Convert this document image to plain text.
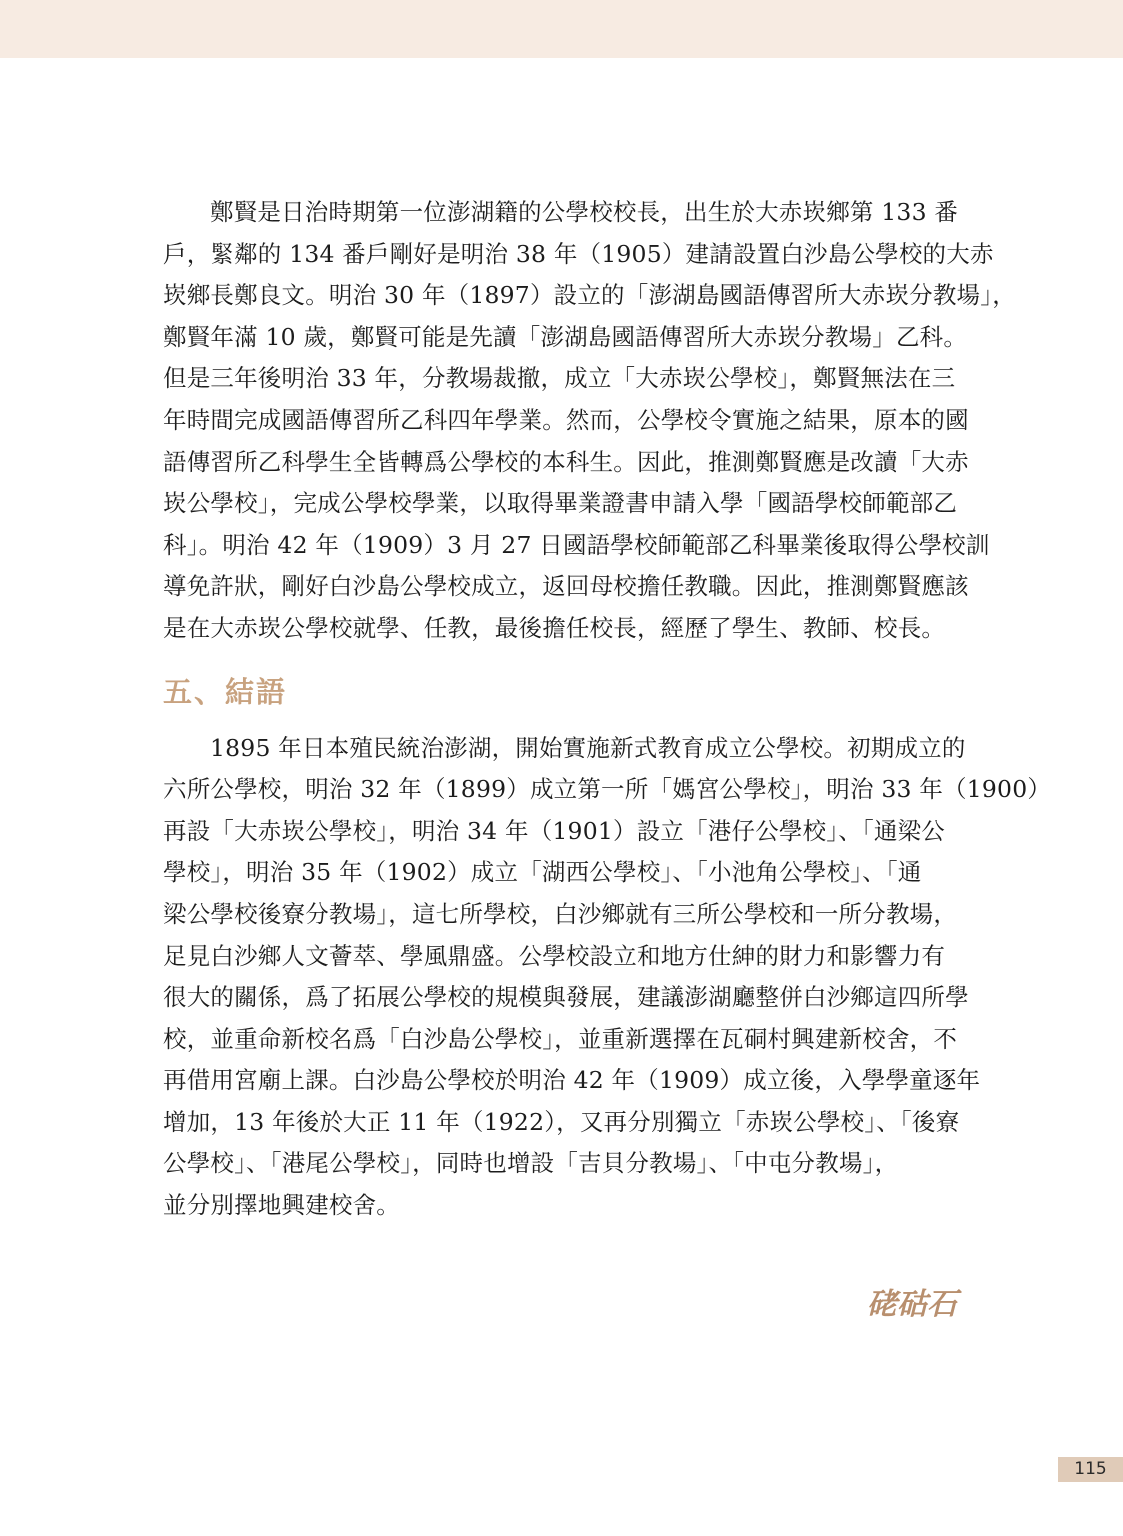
鄭賢是日治時期第一位澎湖籍的公學校校長，出生於大赤崁鄉第 133 番
戶，緊鄰的 134 番戶剛好是明治 38 年（1905）建請設置白沙島公學校的大赤
崁鄉長鄭良文。明治 30 年（1897）設立的「澎湖島國語傳習所大赤崁分教場」，
鄭賢年滿 10 歲，鄭賢可能是先讀「澎湖島國語傳習所大赤崁分教場」乙科。
但是三年後明治 33 年，分教場裁撤，成立「大赤崁公學校」，鄭賢無法在三
年時間完成國語傳習所乙科四年學業。然而，公學校令實施之結果，原本的國
語傳習所乙科學生全皆轉爲公學校的本科生。因此，推測鄭賢應是改讀「大赤
崁公學校」，完成公學校學業，以取得畢業證書申請入學「國語學校師範部乙
科」。明治 42 年（1909）3 月 27 日國語學校師範部乙科畢業後取得公學校訓
導免許狀，剛好白沙島公學校成立，返回母校擔任教職。因此，推測鄭賢應該
是在大赤崁公學校就學、任教，最後擔任校長，經歷了學生、教師、校長。

五、結語

1895 年日本殖民統治澎湖，開始實施新式教育成立公學校。初期成立的
六所公學校，明治 32 年（1899）成立第一所「媽宮公學校」，明治 33 年（1900）
再設「大赤崁公學校」，明治 34 年（1901）設立「港仔公學校」、「通梁公
學校」，明治 35 年（1902）成立「湖西公學校」、「小池角公學校」、「通
梁公學校後寮分教場」，這七所學校，白沙鄉就有三所公學校和一所分教場，
足見白沙鄉人文薈萃、學風鼎盛。公學校設立和地方仕紳的財力和影響力有
很大的關係，爲了拓展公學校的規模與發展，建議澎湖廳整併白沙鄉這四所學
校，並重命新校名爲「白沙島公學校」，並重新選擇在瓦硐村興建新校舍，不
再借用宮廟上課。白沙島公學校於明治 42 年（1909）成立後，入學學童逐年
增加，13 年後於大正 11 年（1922），又再分別獨立「赤崁公學校」、「後寮
公學校」、「港尾公學校」，同時也增設「吉貝分教場」、「中屯分教場」，
並分別擇地興建校舍。

硓𥑮石
115
